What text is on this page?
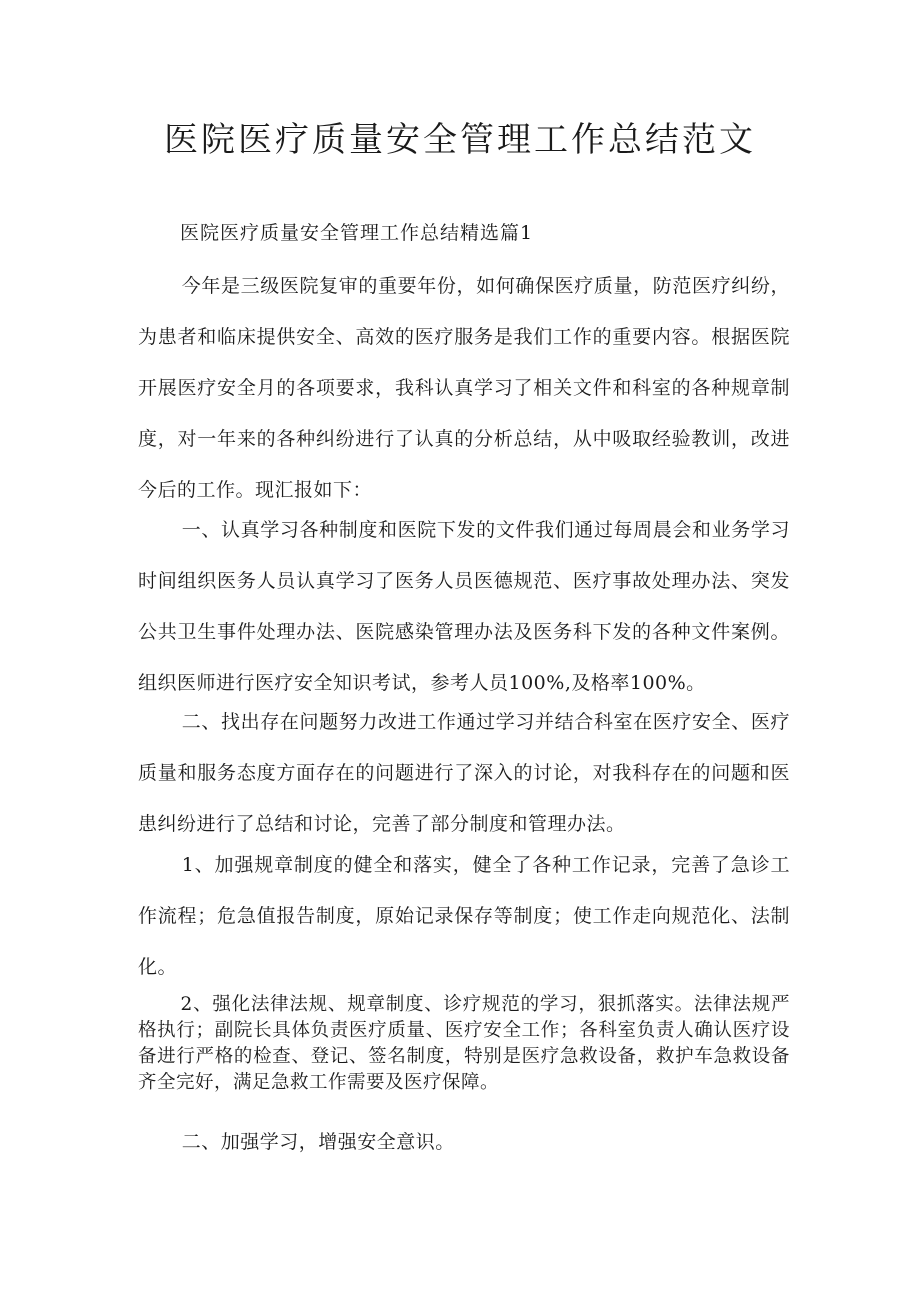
医院医疗质量安全管理工作总结范文

医院医疗质量安全管理工作总结精选篇1

今年是三级医院复审的重要年份，如何确保医疗质量，防范医疗纠纷，为患者和临床提供安全、高效的医疗服务是我们工作的重要内容。根据医院开展医疗安全月的各项要求，我科认真学习了相关文件和科室的各种规章制度，对一年来的各种纠纷进行了认真的分析总结，从中吸取经验教训，改进今后的工作。现汇报如下：

一、认真学习各种制度和医院下发的文件我们通过每周晨会和业务学习时间组织医务人员认真学习了医务人员医德规范、医疗事故处理办法、突发公共卫生事件处理办法、医院感染管理办法及医务科下发的各种文件案例。组织医师进行医疗安全知识考试，参考人员100%,及格率100%。

二、找出存在问题努力改进工作通过学习并结合科室在医疗安全、医疗质量和服务态度方面存在的问题进行了深入的讨论，对我科存在的问题和医患纠纷进行了总结和讨论，完善了部分制度和管理办法。

1、加强规章制度的健全和落实，健全了各种工作记录，完善了急诊工作流程；危急值报告制度，原始记录保存等制度；使工作走向规范化、法制化。

2、强化法律法规、规章制度、诊疗规范的学习，狠抓落实。法律法规严格执行；副院长具体负责医疗质量、医疗安全工作；各科室负责人确认医疗设备进行严格的检查、登记、签名制度，特别是医疗急救设备，救护车急救设备齐全完好，满足急救工作需要及医疗保障。

二、加强学习，增强安全意识。
